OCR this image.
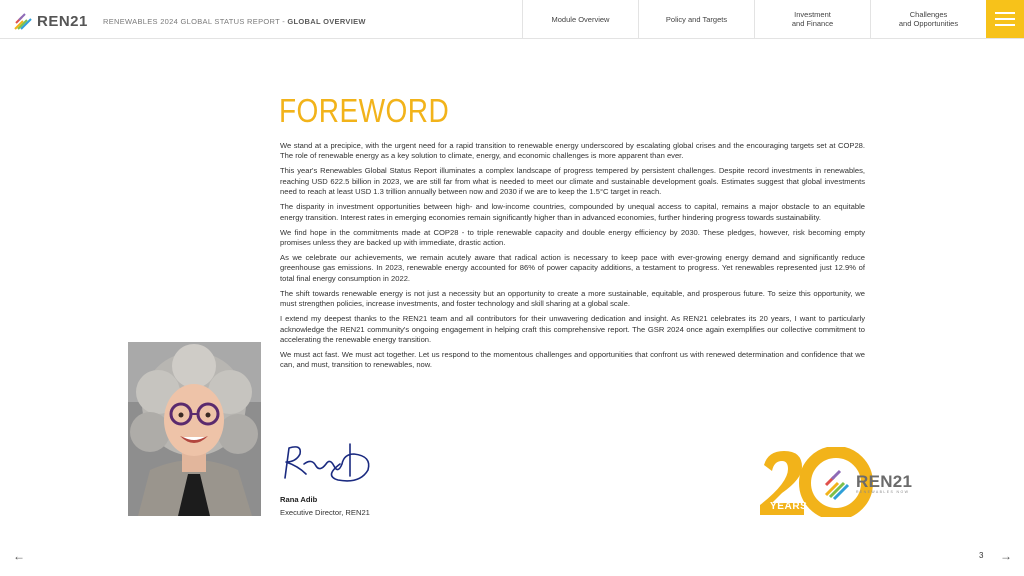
REN21 RENEWABLES 2024 GLOBAL STATUS REPORT - GLOBAL OVERVIEW	Module Overview	Policy and Targets	Investment
and Finance
Challenges
and Opportunities
FOREWORD

We stand at a precipice, with the urgent need for a rapid transition to renewable energy underscored by escalating global crises and the encouraging targets set at COP28. The role of renewable energy as a key solution to climate, energy, and economic challenges is more apparent than ever.

This year's Renewables Global Status Report illuminates a complex landscape of progress tempered by persistent challenges. Despite record investments in renewables, reaching USD 622.5 billion in 2023, we are still far from what is needed to meet our climate and sustainable development goals. Estimates suggest that global investments need to reach at least USD 1.3 trillion annually between now and 2030 if we are to keep the 1.5°C target in reach.

The disparity in investment opportunities between high- and low-income countries, compounded by unequal access to capital, remains a major obstacle to an equitable energy transition. Interest rates in emerging economies remain significantly higher than in advanced economies, further hindering progress towards sustainability.

We find hope in the commitments made at COP28 - to triple renewable capacity and double energy efficiency by 2030. These pledges, however, risk becoming empty promises unless they are backed up with immediate, drastic action.

As we celebrate our achievements, we remain acutely aware that radical action is necessary to keep pace with ever-growing energy demand and significantly reduce greenhouse gas emissions. In 2023, renewable energy accounted for 86% of power capacity additions, a testament to progress. Yet renewables represented just 12.9% of total final energy consumption in 2022.

The shift towards renewable energy is not just a necessity but an opportunity to create a more sustainable, equitable, and prosperous future. To seize this opportunity, we must strengthen policies, increase investments, and foster technology and skill sharing at a global scale.

I extend my deepest thanks to the REN21 team and all contributors for their unwavering dedication and insight. As REN21 celebrates its 20 years, I want to particularly acknowledge the REN21 community's ongoing engagement in helping craft this comprehensive report. The GSR 2024 once again exemplifies our collective commitment to accelerating the renewable energy transition.

We must act fast. We must act together. Let us respond to the momentous challenges and opportunities that confront us with renewed determination and confidence that we can, and must, transition to renewables, now.

Rana Adib
Executive Director, REN21
YEARS
REN21
RENEWABLES NOW
←	3 →
